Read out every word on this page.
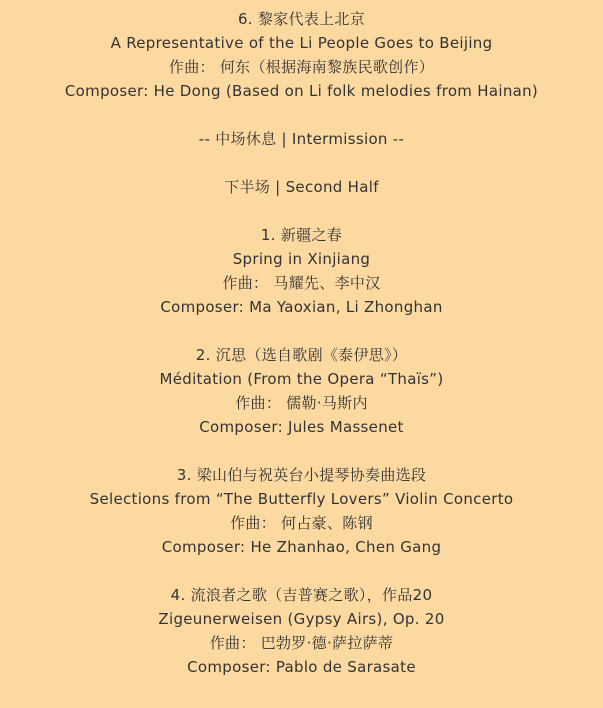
6. 黎家代表上北京
A Representative of the Li People Goes to Beijing
作曲： 何东（根据海南黎族民歌创作）
Composer: He Dong (Based on Li folk melodies from Hainan)
-- 中场休息 | Intermission --
下半场 | Second Half
1. 新疆之春
Spring in Xinjiang
作曲： 马耀先、李中汉
Composer: Ma Yaoxian, Li Zhonghan
2. 沉思（选自歌剧《泰伊思》）
Méditation (From the Opera “Thaïs”)
作曲： 儒勒·马斯内
Composer: Jules Massenet
3. 梁山伯与祝英台小提琴协奏曲选段
Selections from “The Butterfly Lovers” Violin Concerto
作曲： 何占豪、陈钢
Composer: He Zhanhao, Chen Gang
4. 流浪者之歌（吉普赛之歌），作品20
Zigeunerweisen (Gypsy Airs), Op. 20
作曲： 巴勃罗·德·萨拉萨蒂
Composer: Pablo de Sarasate
